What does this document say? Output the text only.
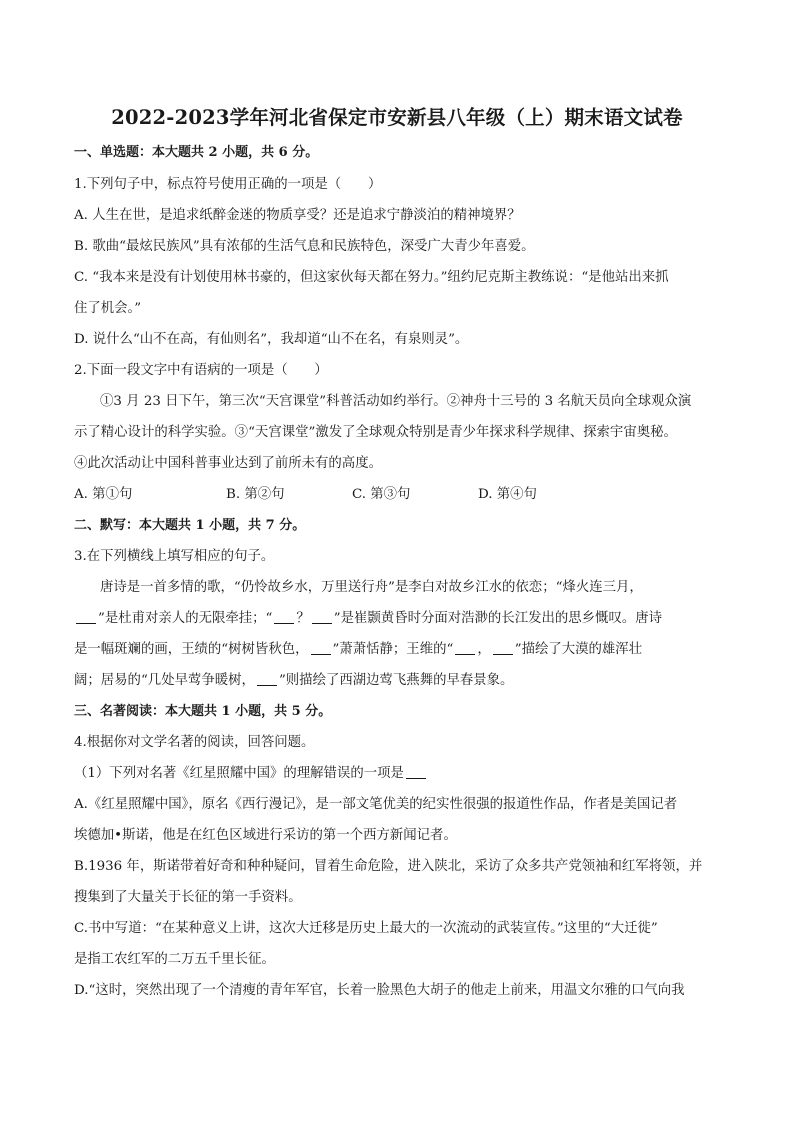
2022-2023学年河北省保定市安新县八年级（上）期末语文试卷

一、单选题：本大题共 2 小题，共 6 分。

1.下列句子中，标点符号使用正确的一项是（　　）

A. 人生在世，是追求纸醉金迷的物质享受？还是追求宁静淡泊的精神境界？

B. 歌曲“最炫民族风”具有浓郁的生活气息和民族特色，深受广大青少年喜爱。

C. “我本来是没有计划使用林书豪的，但这家伙每天都在努力。”纽约尼克斯主教练说：“是他站出来抓

住了机会。”

D. 说什么“山不在高，有仙则名”，我却道“山不在名，有泉则灵”。

2.下面一段文字中有语病的一项是（　　）

①3 月 23 日下午，第三次“天宫课堂”科普活动如约举行。②神舟十三号的 3 名航天员向全球观众演

示了精心设计的科学实验。③“天宫课堂”激发了全球观众特别是青少年探求科学规律、探索宇宙奥秘。

④此次活动让中国科普事业达到了前所未有的高度。

A. 第①句	B. 第②句	C. 第③句	D. 第④句

二、默写：本大题共 1 小题，共 7 分。

3.在下列横线上填写相应的句子。

唐诗是一首多情的歌，“仍怜故乡水，万里送行舟”是李白对故乡江水的依恋；“烽火连三月，

”是杜甫对亲人的无限牵挂；“ ？ ”是崔颢黄昏时分面对浩渺的长江发出的思乡慨叹。唐诗

是一幅斑斓的画，王绩的“树树皆秋色， ”萧萧恬静；王维的“ ， ”描绘了大漠的雄浑壮

阔；居易的“几处早莺争暖树， ”则描绘了西湖边莺飞燕舞的早春景象。

三、名著阅读：本大题共 1 小题，共 5 分。

4.根据你对文学名著的阅读，回答问题。

（1）下列对名著《红星照耀中国》的理解错误的一项是

A.《红星照耀中国》，原名《西行漫记》，是一部文笔优美的纪实性很强的报道性作品，作者是美国记者

埃德加•斯诺，他是在红色区域进行采访的第一个西方新闻记者。

B.1936 年，斯诺带着好奇和种种疑问，冒着生命危险，进入陕北，采访了众多共产党领袖和红军将领，并

搜集到了大量关于长征的第一手资料。

C.书中写道：“在某种意义上讲，这次大迁移是历史上最大的一次流动的武装宣传。”这里的“大迁徙”

是指工农红军的二万五千里长征。

D.“这时，突然出现了一个清瘦的青年军官，长着一脸黑色大胡子的他走上前来，用温文尔雅的口气向我
